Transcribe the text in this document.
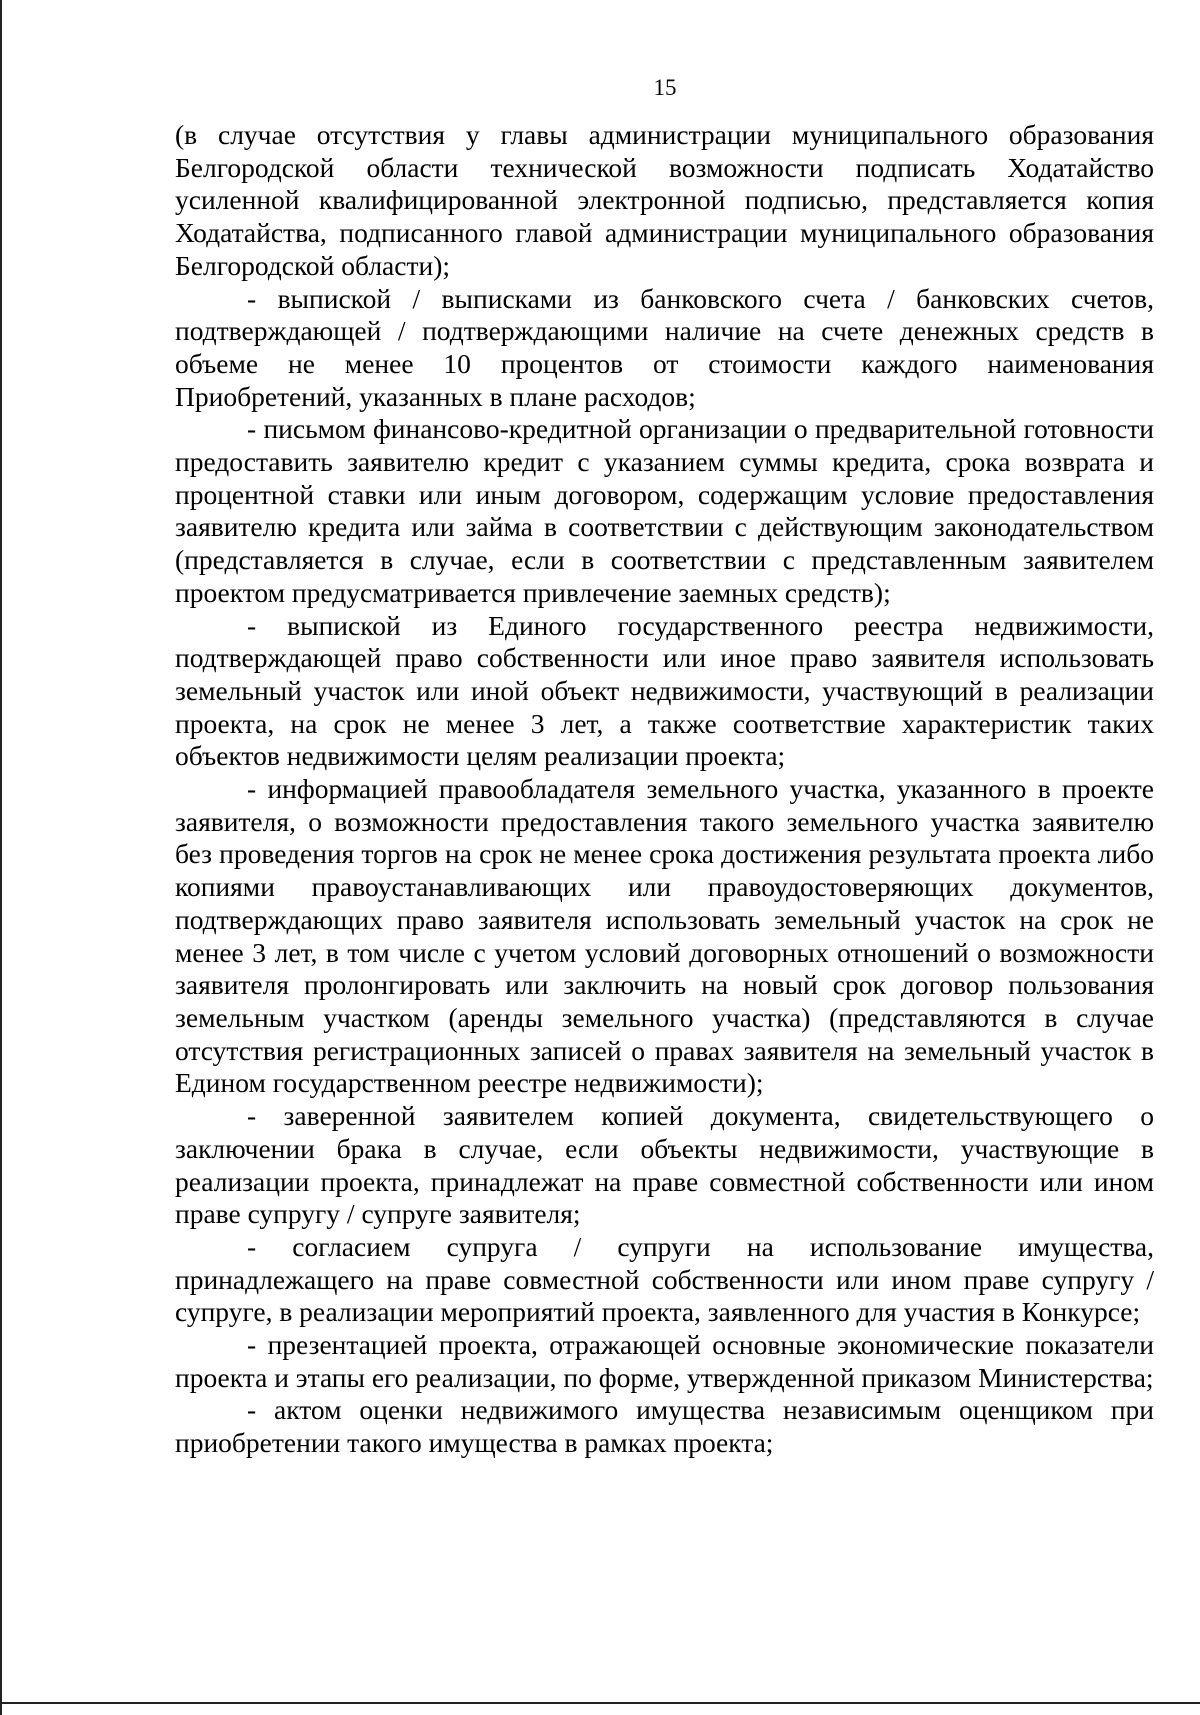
15

(в случае отсутствия у главы администрации муниципального образования Белгородской области технической возможности подписать Ходатайство усиленной квалифицированной электронной подписью, представляется копия Ходатайства, подписанного главой администрации муниципального образования Белгородской области);

- выпиской / выписками из банковского счета / банковских счетов, подтверждающей / подтверждающими наличие на счете денежных средств в объеме не менее 10 процентов от стоимости каждого наименования Приобретений, указанных в плане расходов;

- письмом финансово-кредитной организации о предварительной готовности предоставить заявителю кредит с указанием суммы кредита, срока возврата и процентной ставки или иным договором, содержащим условие предоставления заявителю кредита или займа в соответствии с действующим законодательством (представляется в случае, если в соответствии с представленным заявителем проектом предусматривается привлечение заемных средств);

- выпиской из Единого государственного реестра недвижимости, подтверждающей право собственности или иное право заявителя использовать земельный участок или иной объект недвижимости, участвующий в реализации проекта, на срок не менее 3 лет, а также соответствие характеристик таких объектов недвижимости целям реализации проекта;

- информацией правообладателя земельного участка, указанного в проекте заявителя, о возможности предоставления такого земельного участка заявителю без проведения торгов на срок не менее срока достижения результата проекта либо копиями правоустанавливающих или правоудостоверяющих документов, подтверждающих право заявителя использовать земельный участок на срок не менее 3 лет, в том числе с учетом условий договорных отношений о возможности заявителя пролонгировать или заключить на новый срок договор пользования земельным участком (аренды земельного участка) (представляются в случае отсутствия регистрационных записей о правах заявителя на земельный участок в Едином государственном реестре недвижимости);

- заверенной заявителем копией документа, свидетельствующего о заключении брака в случае, если объекты недвижимости, участвующие в реализации проекта, принадлежат на праве совместной собственности или ином праве супругу / супруге заявителя;

- согласием супруга / супруги на использование имущества, принадлежащего на праве совместной собственности или ином праве супругу / супруге, в реализации мероприятий проекта, заявленного для участия в Конкурсе;

- презентацией проекта, отражающей основные экономические показатели проекта и этапы его реализации, по форме, утвержденной приказом Министерства;

- актом оценки недвижимого имущества независимым оценщиком при приобретении такого имущества в рамках проекта;
